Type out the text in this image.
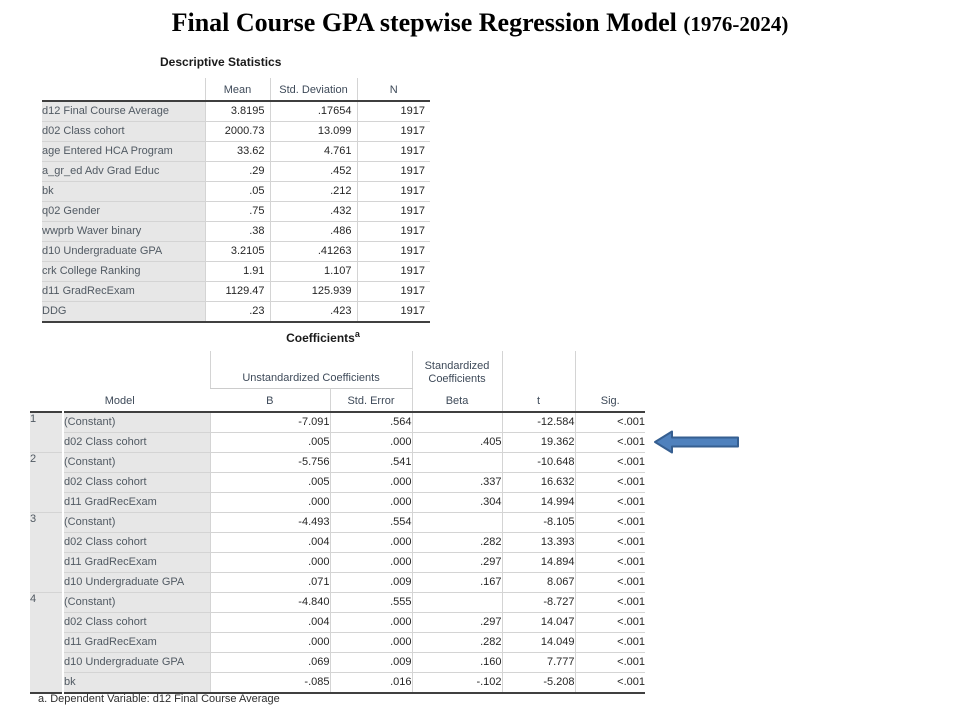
Final Course GPA stepwise Regression Model (1976-2024)
Descriptive Statistics
	Mean	Std. Deviation	N
d12 Final Course Average	3.8195	.17654	1917
d02 Class cohort	2000.73	13.099	1917
age Entered HCA Program	33.62	4.761	1917
a_gr_ed Adv Grad Educ	.29	.452	1917
bk	.05	.212	1917
q02 Gender	.75	.432	1917
wwprb Waver binary	.38	.486	1917
d10 Undergraduate GPA	3.2105	.41263	1917
crk College Ranking	1.91	1.107	1917
d11 GradRecExam	1129.47	125.939	1917
DDG	.23	.423	1917
Coefficients$^a$
Model		Unstandardized Coefficients		Standardized Coefficients	t	Sig.
		B	Std. Error	Beta		
1	(Constant)	-7.091	.564		-12.584	<.001
	d02 Class cohort	.005	.000	.405	19.362	<.001
2	(Constant)	-5.756	.541		-10.648	<.001
	d02 Class cohort	.005	.000	.337	16.632	<.001
	d11 GradRecExam	.000	.000	.304	14.994	<.001
3	(Constant)	-4.493	.554		-8.105	<.001
	d02 Class cohort	.004	.000	.282	13.393	<.001
	d11 GradRecExam	.000	.000	.297	14.894	<.001
	d10 Undergraduate GPA	.071	.009	.167	8.067	<.001
4	(Constant)	-4.840	.555		-8.727	<.001
	d02 Class cohort	.004	.000	.297	14.047	<.001
	d11 GradRecExam	.000	.000	.282	14.049	<.001
	d10 Undergraduate GPA	.069	.009	.160	7.777	<.001
	bk	-.085	.016	-.102	-5.208	<.001
a. Dependent Variable: d12 Final Course Average
